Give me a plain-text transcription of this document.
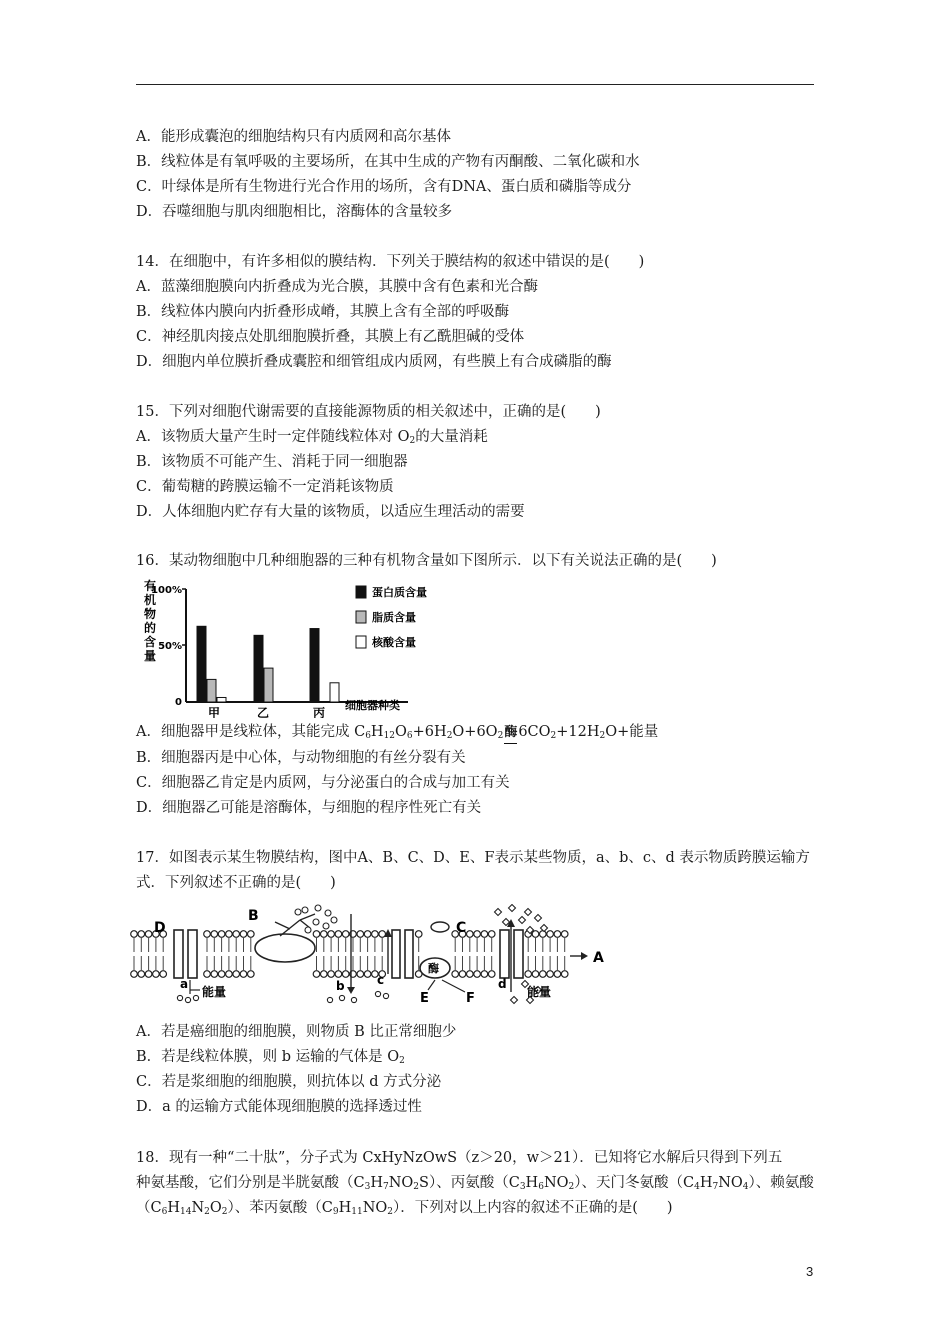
A．能形成囊泡的细胞结构只有内质网和高尔基体
B．线粒体是有氧呼吸的主要场所，在其中生成的产物有丙酮酸、二氧化碳和水
C．叶绿体是所有生物进行光合作用的场所，含有DNA、蛋白质和磷脂等成分
D．吞噬细胞与肌肉细胞相比，溶酶体的含量较多
14．在细胞中，有许多相似的膜结构．下列关于膜结构的叙述中错误的是(　　)
A．蓝藻细胞膜向内折叠成为光合膜，其膜中含有色素和光合酶
B．线粒体内膜向内折叠形成嵴，其膜上含有全部的呼吸酶
C．神经肌肉接点处肌细胞膜折叠，其膜上有乙酰胆碱的受体
D．细胞内单位膜折叠成囊腔和细管组成内质网，有些膜上有合成磷脂的酶
15．下列对细胞代谢需要的直接能源物质的相关叙述中，正确的是(　　)
A．该物质大量产生时一定伴随线粒体对 $O_2$的大量消耗
B．该物质不可能产生、消耗于同一细胞器
C．葡萄糖的跨膜运输不一定消耗该物质
D．人体细胞内贮存有大量的该物质，以适应生理活动的需要
16．某动物细胞中几种细胞器的三种有机物含量如下图所示．以下有关说法正确的是(　　)
有机物的含量
100%
50%
0
甲	乙	丙
细胞器种类
蛋白质含量
脂质含量
核酸含量
A．细胞器甲是线粒体，其能完成 $C_6H_{12}O_6+6H_2O+6O_2$酶$6CO_2+12H_2O+$能量
B．细胞器丙是中心体，与动物细胞的有丝分裂有关
C．细胞器乙肯定是内质网，与分泌蛋白的合成与加工有关
D．细胞器乙可能是溶酶体，与细胞的程序性死亡有关
17．如图表示某生物膜结构，图中A、B、C、D、E、F表示某些物质，a、b、c、d 表示物质跨膜运输方
式．下列叙述不正确的是(　　)
D
B
C
A
E	F
a	b	c	d
能量	能量
酶
A．若是癌细胞的细胞膜，则物质 B 比正常细胞少
B．若是线粒体膜，则 b 运输的气体是 $O_2$
C．若是浆细胞的细胞膜，则抗体以 d 方式分泌
D．a 的运输方式能体现细胞膜的选择透过性
18．现有一种“二十肽”，分子式为 CxHyNzOwS（z＞20，w＞21）．已知将它水解后只得到下列五
种氨基酸，它们分别是半胱氨酸$(C_3H_7NO_2S)$、丙氨酸$(C_3H_6NO_2)$、天门冬氨酸$(C_4H_7NO_4)$、赖氨酸
$(C_6H_{14}N_2O_2)$、苯丙氨酸$(C_9H_{11}NO_2)$．下列对以上内容的叙述不正确的是(　　)
3
